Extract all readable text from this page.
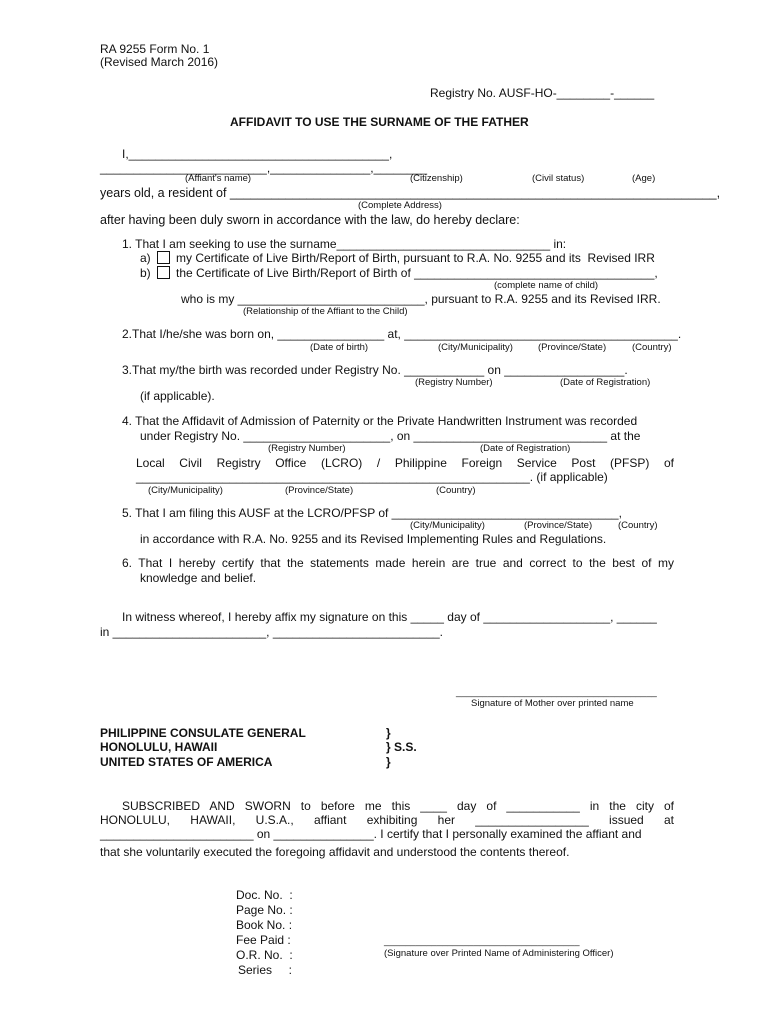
RA 9255 Form No. 1
(Revised March 2016)
Registry No. AUSF-HO-________-______
AFFIDAVIT TO USE THE SURNAME OF THE FATHER
I,_______________________________________,
_________________________,_______________,________
(Affiant's name)	(Citizenship)	(Civil status)	(Age)
years old, a resident of ______________________________________________________________________,
(Complete Address)
after having been duly sworn in accordance with the law, do hereby declare:
1. That I am seeking to use the surname________________________________ in:
a) my Certificate of Live Birth/Report of Birth, pursuant to R.A. No. 9255 and its  Revised IRR
b) the Certificate of Live Birth/Report of Birth of ____________________________________,
(complete name of child)
who is my ____________________________, pursuant to R.A. 9255 and its Revised IRR.
(Relationship of the Affiant to the Child)
2.That I/he/she was born on, ________________ at, _________________________________________.
(Date of birth)	(City/Municipality)	(Province/State)	(Country)
3.That my/the birth was recorded under Registry No. ____________ on __________________.
(Registry Number)	(Date of Registration)
(if applicable).
4. That the Affidavit of Admission of Paternity or the Private Handwritten Instrument was recorded
under Registry No. ______________________, on _____________________________ at the
(Registry Number)	(Date of Registration)
Local Civil Registry Office (LCRO) / Philippine Foreign Service Post (PFSP) of
___________________________________________________________. (if applicable)
(City/Municipality)	(Province/State)	(Country)
5. That I am filing this AUSF at the LCRO/PFSP of __________________________________,
(City/Municipality)	(Province/State)	(Country)
in accordance with R.A. No. 9255 and its Revised Implementing Rules and Regulations.
6. That I hereby certify that the statements made herein are true and correct to the best of my
knowledge and belief.
In witness whereof, I hereby affix my signature on this _____ day of ___________________, ______
in _______________________, _________________________.
______________________________________
Signature of Mother over printed name
PHILIPPINE CONSULATE GENERAL
HONOLULU, HAWAII
UNITED STATES OF AMERICA
}
} S.S.
}
SUBSCRIBED AND SWORN to before me this ____ day of ___________ in the city of
HONOLULU, HAWAII, U.S.A., affiant exhibiting her _________________ issued at
_______________________ on _______________. I certify that I personally examined the affiant and
that she voluntarily executed the foregoing affidavit and understood the contents thereof.
Doc. No.  :
Page No. :
Book No. :
Fee Paid :
O.R. No.  :
Series     :
_____________________________________
(Signature over Printed Name of Administering Officer)
